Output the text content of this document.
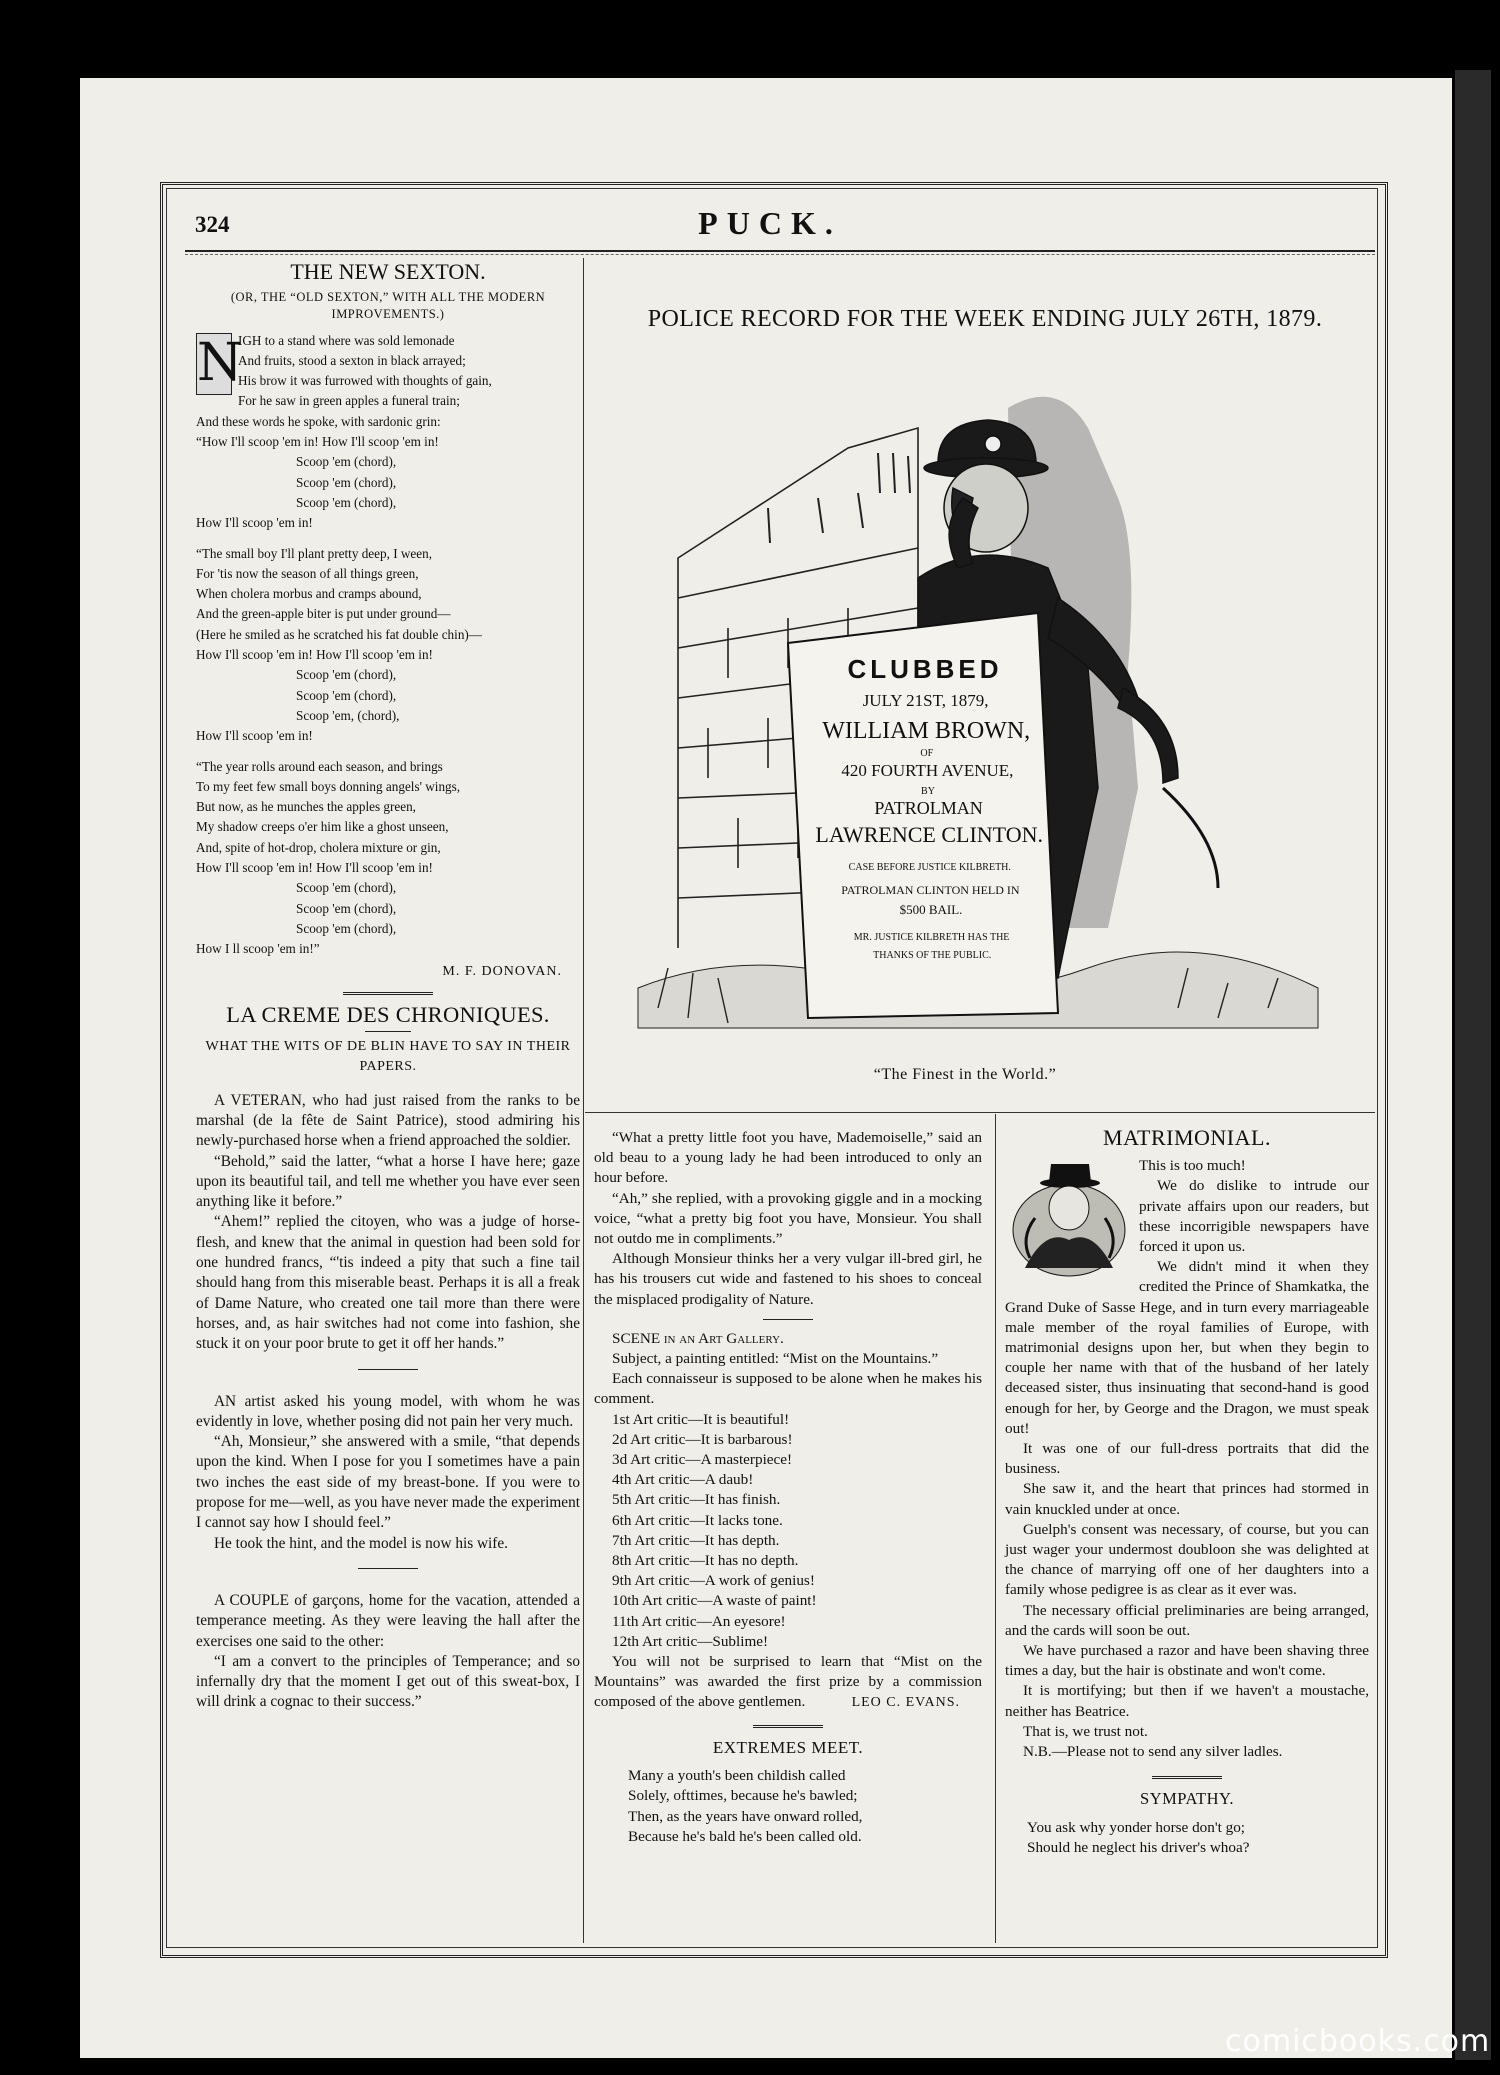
324	PUCK.
THE NEW SEXTON.
(OR, THE “OLD SEXTON,” WITH ALL THE MODERN IMPROVEMENTS.)
N
IGH to a stand where was sold lemonade
And fruits, stood a sexton in black arrayed;
His brow it was furrowed with thoughts of gain,
For he saw in green apples a funeral train;
And these words he spoke, with sardonic grin:
“How I'll scoop 'em in! How I'll scoop 'em in!
Scoop 'em (chord),
Scoop 'em (chord),
Scoop 'em (chord),
How I'll scoop 'em in!
“The small boy I'll plant pretty deep, I ween,
For 'tis now the season of all things green,
When cholera morbus and cramps abound,
And the green-apple biter is put under ground—
(Here he smiled as he scratched his fat double chin)—
How I'll scoop 'em in! How I'll scoop 'em in!
Scoop 'em (chord),
Scoop 'em (chord),
Scoop 'em, (chord),
How I'll scoop 'em in!
“The year rolls around each season, and brings
To my feet few small boys donning angels' wings,
But now, as he munches the apples green,
My shadow creeps o'er him like a ghost unseen,
And, spite of hot-drop, cholera mixture or gin,
How I'll scoop 'em in! How I'll scoop 'em in!
Scoop 'em (chord),
Scoop 'em (chord),
Scoop 'em (chord),
How I ll scoop 'em in!”
M. F. DONOVAN.
LA CREME DES CHRONIQUES.
WHAT THE WITS OF DE BLIN HAVE TO SAY IN THEIR PAPERS.

A VETERAN, who had just raised from the ranks to be marshal (de la fête de Saint Patrice), stood admiring his newly-purchased horse when a friend approached the soldier.

“Behold,” said the latter, “what a horse I have here; gaze upon its beautiful tail, and tell me whether you have ever seen anything like it before.”

“Ahem!” replied the citoyen, who was a judge of horse-flesh, and knew that the animal in question had been sold for one hundred francs, “'tis indeed a pity that such a fine tail should hang from this miserable beast. Perhaps it is all a freak of Dame Nature, who created one tail more than there were horses, and, as hair switches had not come into fashion, she stuck it on your poor brute to get it off her hands.”

AN artist asked his young model, with whom he was evidently in love, whether posing did not pain her very much.

“Ah, Monsieur,” she answered with a smile, “that depends upon the kind. When I pose for you I sometimes have a pain two inches the east side of my breast-bone. If you were to propose for me—well, as you have never made the experiment I cannot say how I should feel.”

He took the hint, and the model is now his wife.

A COUPLE of garçons, home for the vacation, attended a temperance meeting. As they were leaving the hall after the exercises one said to the other:

“I am a convert to the principles of Temperance; and so infernally dry that the moment I get out of this sweat-box, I will drink a cognac to their success.”

POLICE RECORD FOR THE WEEK ENDING JULY 26TH, 1879.
CLUBBED JULY 21ST, 1879, WILLIAM BROWN, OF 420 FOURTH AVENUE, BY PATROLMAN LAWRENCE CLINTON. CASE BEFORE JUSTICE KILBRETH. PATROLMAN CLINTON HELD IN $500 BAIL. MR. JUSTICE KILBRETH HAS THE THANKS OF THE PUBLIC.
“The Finest in the World.”

“What a pretty little foot you have, Mademoiselle,” said an old beau to a young lady he had been introduced to only an hour before.

“Ah,” she replied, with a provoking giggle and in a mocking voice, “what a pretty big foot you have, Monsieur. You shall not outdo me in compliments.”

Although Monsieur thinks her a very vulgar ill-bred girl, he has his trousers cut wide and fastened to his shoes to conceal the misplaced prodigality of Nature.

SCENE in an Art Gallery.

Subject, a painting entitled: “Mist on the Mountains.”

Each connaisseur is supposed to be alone when he makes his comment.

1st Art critic—It is beautiful!
2d Art critic—It is barbarous!
3d Art critic—A masterpiece!
4th Art critic—A daub!
5th Art critic—It has finish.
6th Art critic—It lacks tone.
7th Art critic—It has depth.
8th Art critic—It has no depth.
9th Art critic—A work of genius!
10th Art critic—A waste of paint!
11th Art critic—An eyesore!
12th Art critic—Sublime!

You will not be surprised to learn that “Mist on the Mountains” was awarded the first prize by a commission composed of the above gentlemen.	LEO C. EVANS.
EXTREMES MEET.
Many a youth's been childish called
Solely, ofttimes, because he's bawled;
Then, as the years have onward rolled,
Because he's bald he's been called old.
MATRIMONIAL.

This is too much!

We do dislike to intrude our private affairs upon our readers, but these incorrigible newspapers have forced it upon us.

We didn't mind it when they credited the Prince of Shamkatka, the Grand Duke of Sasse Hege, and in turn every marriageable male member of the royal families of Europe, with matrimonial designs upon her, but when they begin to couple her name with that of the husband of her lately deceased sister, thus insinuating that second-hand is good enough for her, by George and the Dragon, we must speak out!

It was one of our full-dress portraits that did the business.

She saw it, and the heart that princes had stormed in vain knuckled under at once.

Guelph's consent was necessary, of course, but you can just wager your undermost doubloon she was delighted at the chance of marrying off one of her daughters into a family whose pedigree is as clear as it ever was.

The necessary official preliminaries are being arranged, and the cards will soon be out.

We have purchased a razor and have been shaving three times a day, but the hair is obstinate and won't come.

It is mortifying; but then if we haven't a moustache, neither has Beatrice.

That is, we trust not.

N.B.—Please not to send any silver ladles.

SYMPATHY.
You ask why yonder horse don't go;
Should he neglect his driver's whoa?
comicbooks.com
